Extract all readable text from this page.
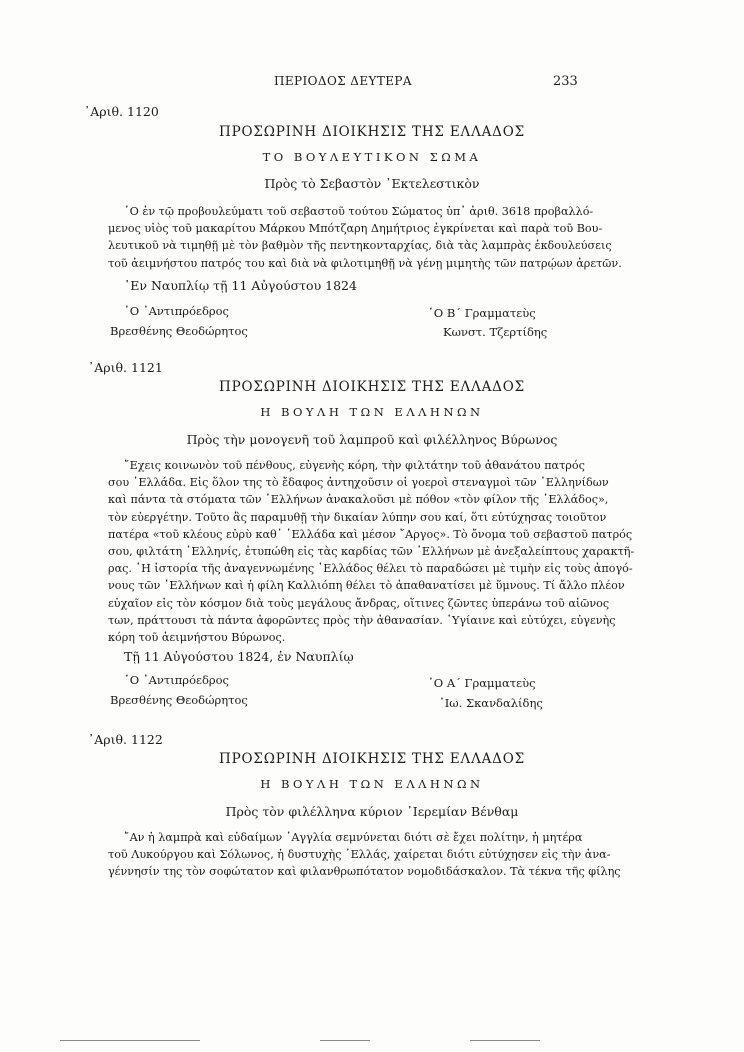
ΠΕΡΙΟΔΟΣ ΔΕΥΤΕΡΑ	233
᾿Αριθ. 1120
ΠΡΟΣΩΡΙΝΗ ΔΙΟΙΚΗΣΙΣ ΤΗΣ ΕΛΛΑΔΟΣ
ΤΟ ΒΟΥΛΕΥΤΙΚΟΝ ΣΩΜΑ
Πρὸς τὸ Σεβαστὸν ᾿Εκτελεστικὸν
῾Ο ἐν τῷ προβουλεύματι τοῦ σεβαστοῦ τούτου Σώματος ὑπ᾿ ἀριθ. 3618 προβαλλό-
μενος υἱὸς τοῦ μακαρίτου Μάρκου Μπότζαρη Δημήτριος ἐγκρίνεται καὶ παρὰ τοῦ Βου-
λευτικοῦ νὰ τιμηθῇ μὲ τὸν βαθμὸν τῆς πεντηκονταρχίας, διὰ τὰς λαμπρὰς ἐκδουλεύσεις
τοῦ ἀειμνήστου πατρός του καὶ διὰ νὰ φιλοτιμηθῇ νὰ γένῃ μιμητὴς τῶν πατρῴων ἀρετῶν.
᾿Εν Ναυπλίῳ τῇ 11 Αὐγούστου 1824
῾Ο ᾿Αντιπρόεδρος
Βρεσθένης Θεοδώρητος
῾Ο Β´ Γραμματεὺς
Κωνστ. Τζερτίδης
᾿Αριθ. 1121
ΠΡΟΣΩΡΙΝΗ ΔΙΟΙΚΗΣΙΣ ΤΗΣ ΕΛΛΑΔΟΣ
Η ΒΟΥΛΗ ΤΩΝ ΕΛΛΗΝΩΝ
Πρὸς τὴν μονογενῆ τοῦ λαμπροῦ καὶ φιλέλληνος Βύρωνος
῎Εχεις κοινωνὸν τοῦ πένθους, εὐγενὴς κόρη, τὴν φιλτάτην τοῦ ἀθανάτου πατρός
σου ῾Ελλάδα. Εἰς ὅλον της τὸ ἔδαφος ἀντηχοῦσιν οἱ γοεροὶ στεναγμοὶ τῶν ῾Ελληνίδων
καὶ πάντα τὰ στόματα τῶν ῾Ελλήνων ἀνακαλοῦσι μὲ πόθον «τὸν φίλον τῆς ῾Ελλάδος»,
τὸν εὐεργέτην. Τοῦτο ἂς παραμυθῇ τὴν δικαίαν λύπην σου καί, ὅτι εὐτύχησας τοιοῦτον
πατέρα «τοῦ κλέους εὐρὺ καθ᾿ ῾Ελλάδα καὶ μέσον ῎Αργος». Τὸ ὄνομα τοῦ σεβαστοῦ πατρός
σου, φιλτάτη ῾Ελληνίς, ἐτυπώθη εἰς τὰς καρδίας τῶν ῾Ελλήνων μὲ ἀνεξαλείπτους χαρακτῆ-
ρας. ῾Η ἱστορία τῆς ἀναγεννωμένης ῾Ελλάδος θέλει τὸ παραδώσει μὲ τιμὴν εἰς τοὺς ἀπογό-
νους τῶν ῾Ελλήνων καὶ ἡ φίλη Καλλιόπη θέλει τὸ ἀπαθανατίσει μὲ ὕμνους. Τί ἄλλο πλέον
εὐχαῖον εἰς τὸν κόσμον διὰ τοὺς μεγάλους ἄνδρας, οἵτινες ζῶντες ὑπεράνω τοῦ αἰῶνος
των, πράττουσι τὰ πάντα ἀφορῶντες πρὸς τὴν ἀθανασίαν. ῾Υγίαινε καὶ εὐτύχει, εὐγενὴς
κόρη τοῦ ἀειμνήστου Βύρωνος.
Τῇ 11 Αὐγούστου 1824, ἐν Ναυπλίῳ
῾Ο ᾿Αντιπρόεδρος
Βρεσθένης Θεοδώρητος
῾Ο Α´ Γραμματεὺς
᾿Ιω. Σκανδαλίδης
᾿Αριθ. 1122
ΠΡΟΣΩΡΙΝΗ ΔΙΟΙΚΗΣΙΣ ΤΗΣ ΕΛΛΑΔΟΣ
Η ΒΟΥΛΗ ΤΩΝ ΕΛΛΗΝΩΝ
Πρὸς τὸν φιλέλληνα κύριον ᾿Ιερεμίαν Βένθαμ
῎Αν ἡ λαμπρὰ καὶ εὐδαίμων ᾿Αγγλία σεμνύνεται διότι σὲ ἔχει πολίτην, ἡ μητέρα
τοῦ Λυκούργου καὶ Σόλωνος, ἡ δυστυχὴς ῾Ελλάς, χαίρεται διότι εὐτύχησεν εἰς τὴν ἀνα-
γέννησίν της τὸν σοφώτατον καὶ φιλανθρωπότατον νομοδιδάσκαλον. Τὰ τέκνα τῆς φίλης
